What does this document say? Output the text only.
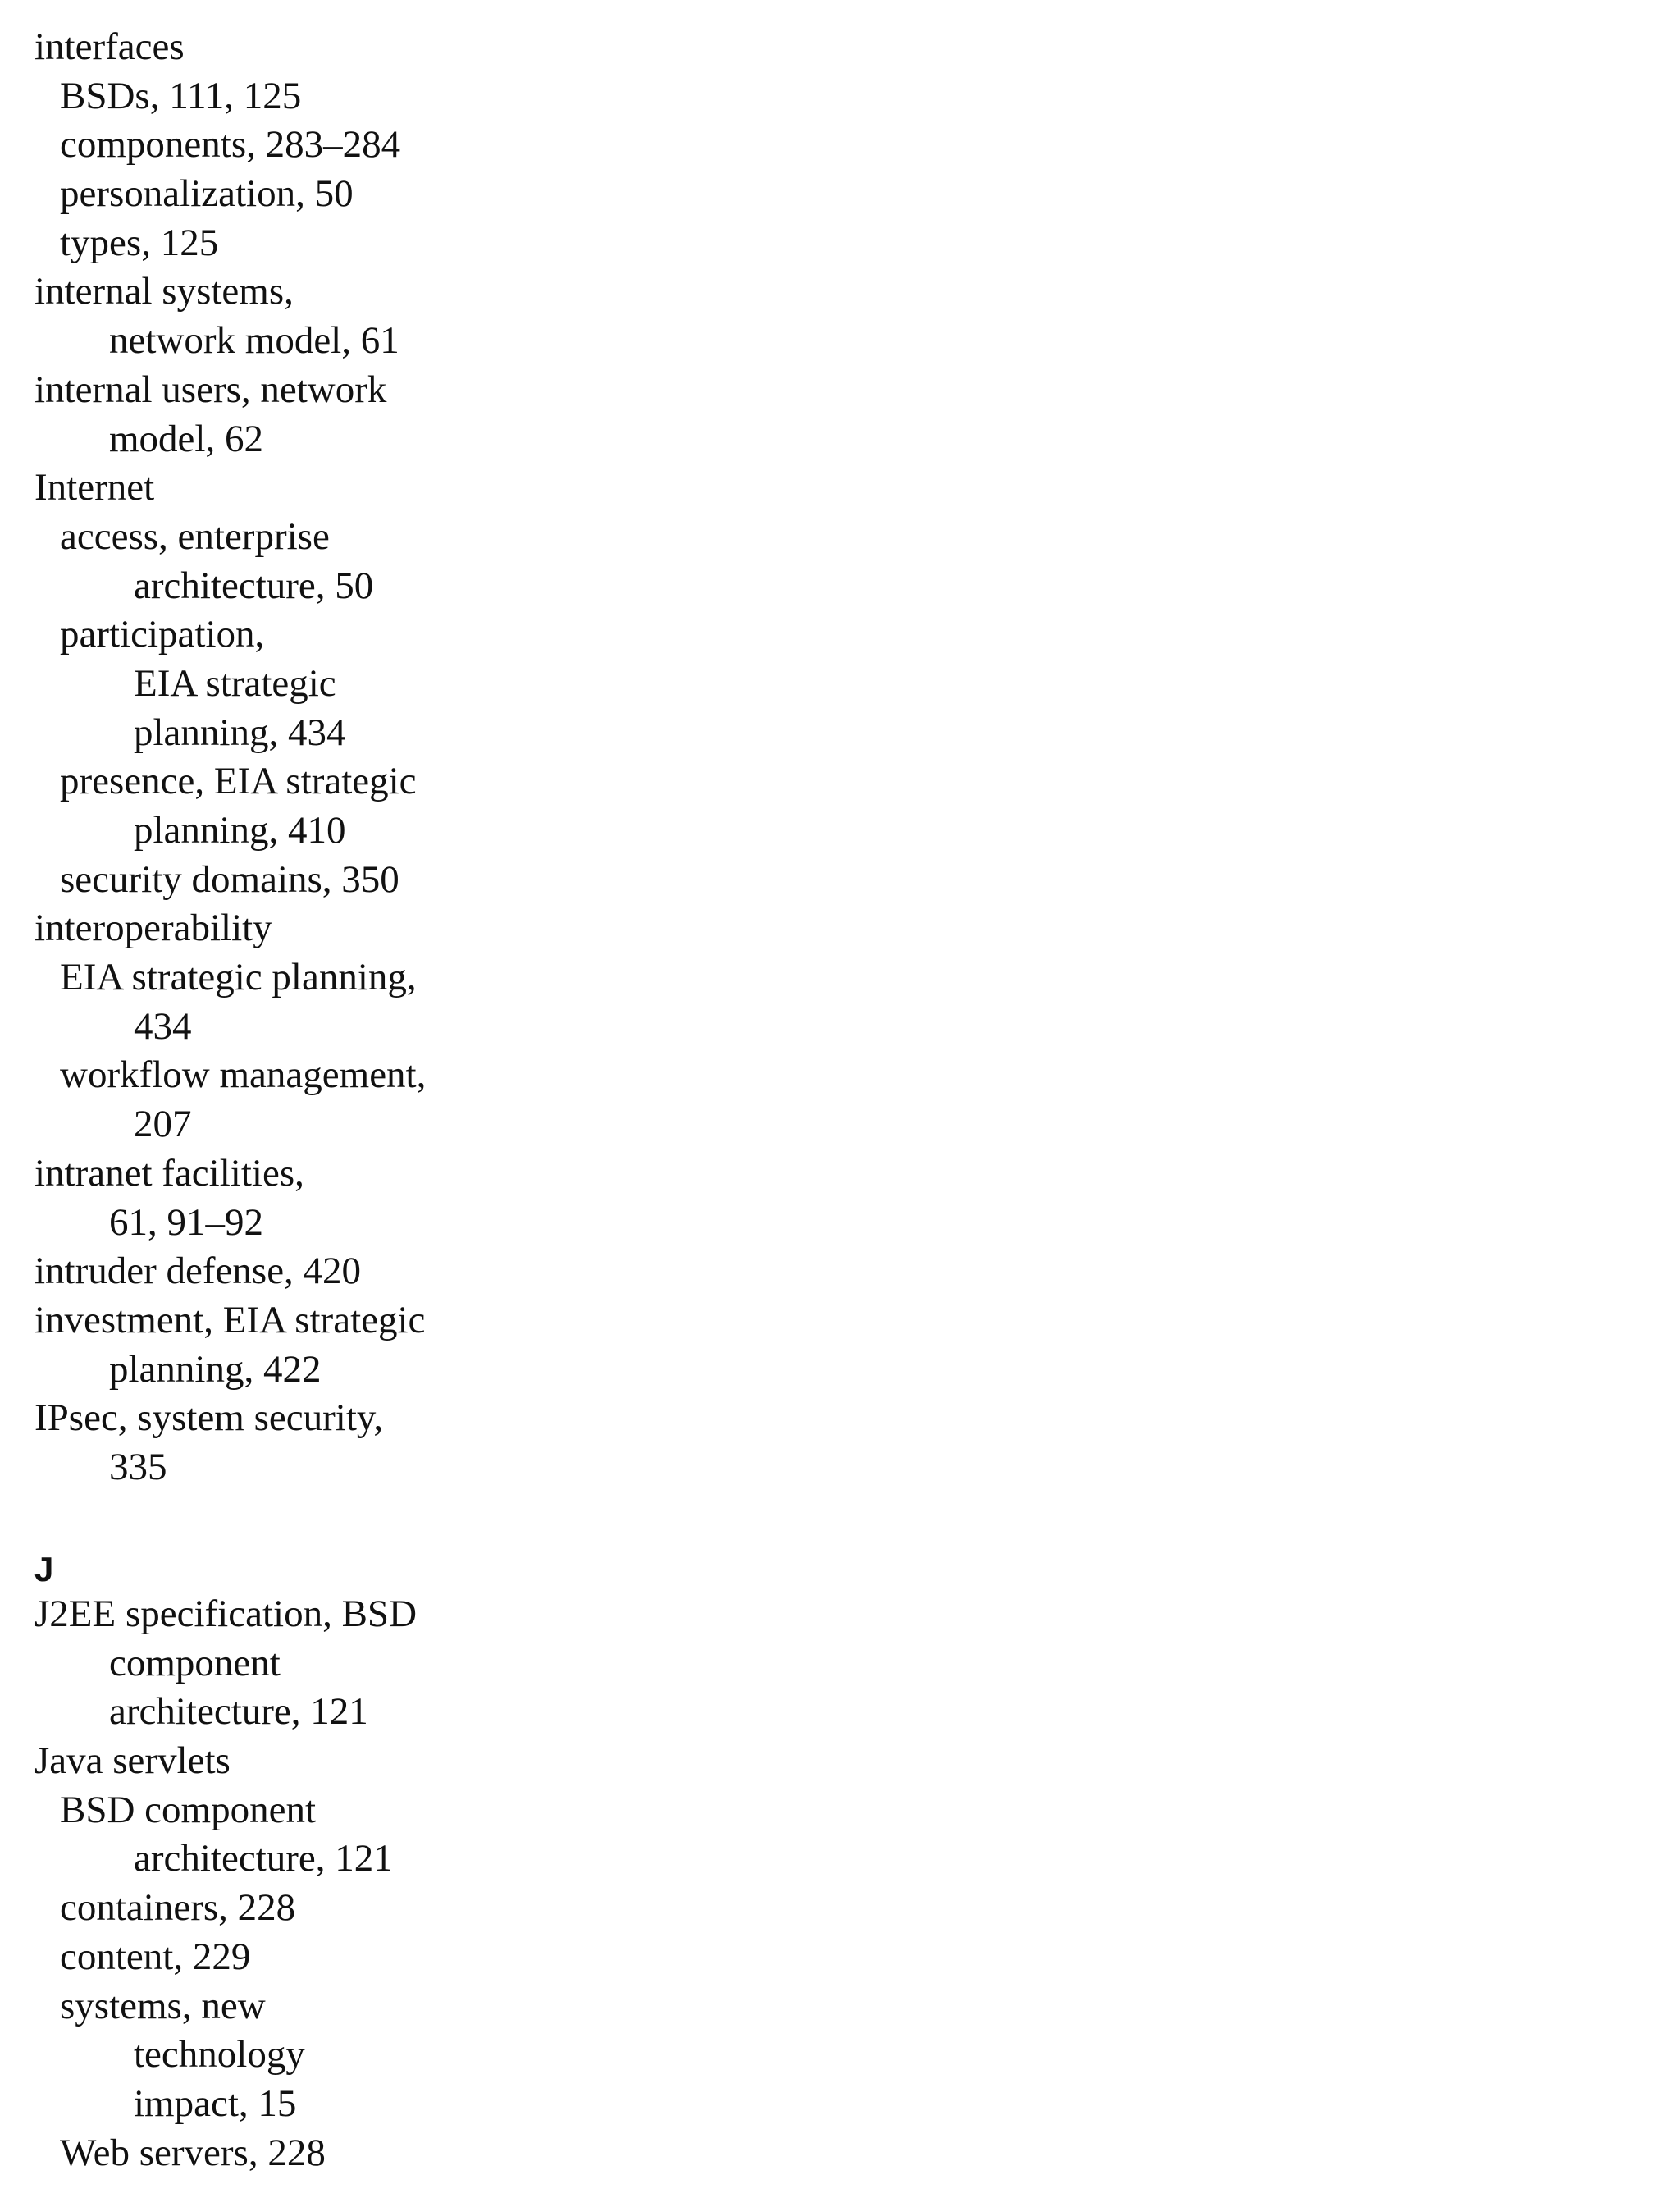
interfaces
BSDs, 111, 125
components, 283–284
personalization, 50
types, 125
internal systems,
network model, 61
internal users, network
model, 62
Internet
access, enterprise
architecture, 50
participation,
EIA strategic
planning, 434
presence, EIA strategic
planning, 410
security domains, 350
interoperability
EIA strategic planning,
434
workflow management,
207
intranet facilities,
61, 91–92
intruder defense, 420
investment, EIA strategic
planning, 422
IPsec, system security,
335
J
J2EE specification, BSD
component
architecture, 121
Java servlets
BSD component
architecture, 121
containers, 228
content, 229
systems, new
technology
impact, 15
Web servers, 228
